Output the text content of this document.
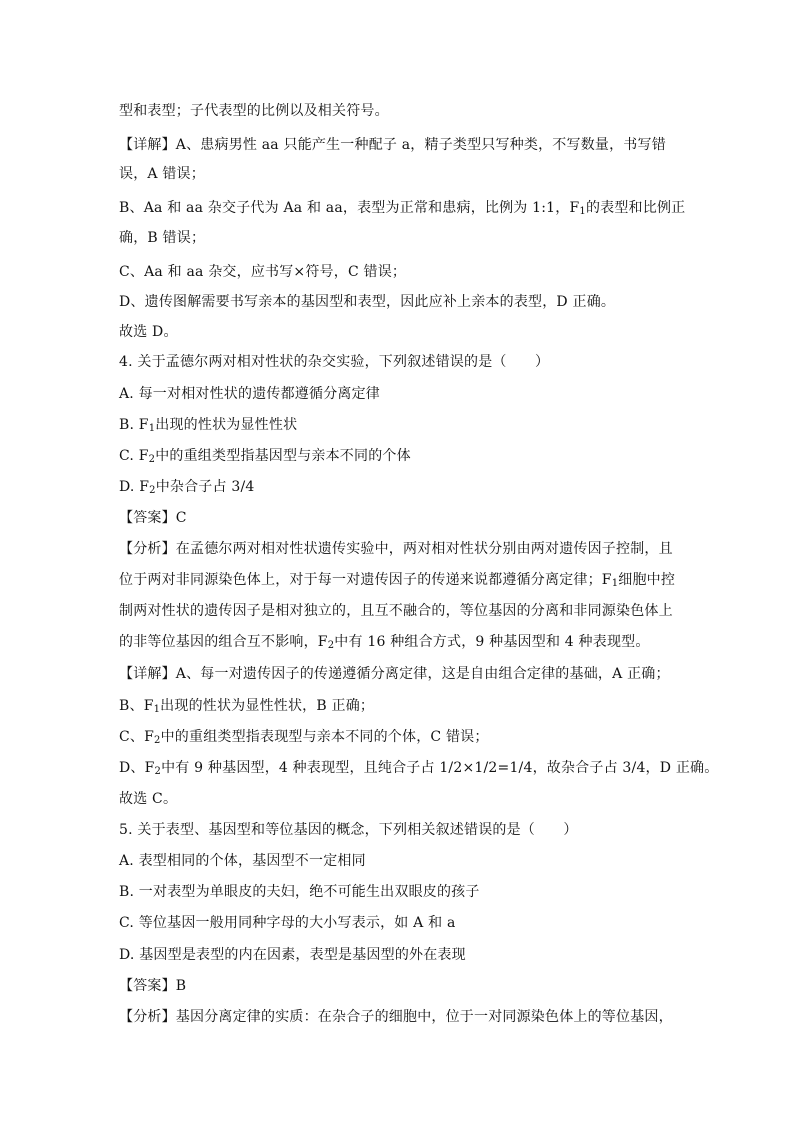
型和表型；子代表型的比例以及相关符号。
【详解】A、患病男性 aa 只能产生一种配子 a，精子类型只写种类，不写数量，书写错
误，A 错误；
B、Aa 和 aa 杂交子代为 Aa 和 aa，表型为正常和患病，比例为 1:1，$F_1$的表型和比例正
确，B 错误；
C、Aa 和 aa 杂交，应书写×符号，C 错误；
D、遗传图解需要书写亲本的基因型和表型，因此应补上亲本的表型，D 正确。
故选 D。
4. 关于孟德尔两对相对性状的杂交实验，下列叙述错误的是（　　）
A. 每一对相对性状的遗传都遵循分离定律
B. $F_1$出现的性状为显性性状
C. $F_2$中的重组类型指基因型与亲本不同的个体
D. $F_2$中杂合子占 3/4
【答案】C
【分析】在孟德尔两对相对性状遗传实验中，两对相对性状分别由两对遗传因子控制，且
位于两对非同源染色体上，对于每一对遗传因子的传递来说都遵循分离定律；$F_1$细胞中控
制两对性状的遗传因子是相对独立的，且互不融合的，等位基因的分离和非同源染色体上
的非等位基因的组合互不影响，$F_2$中有 16 种组合方式，9 种基因型和 4 种表现型。
【详解】A、每一对遗传因子的传递遵循分离定律，这是自由组合定律的基础，A 正确；
B、$F_1$出现的性状为显性性状，B 正确；
C、$F_2$中的重组类型指表现型与亲本不同的个体，C 错误；
D、$F_2$中有 9 种基因型，4 种表现型，且纯合子占 1/2×1/2=1/4，故杂合子占 3/4，D 正确。
故选 C。
5. 关于表型、基因型和等位基因的概念，下列相关叙述错误的是（　　）
A. 表型相同的个体，基因型不一定相同
B. 一对表型为单眼皮的夫妇，绝不可能生出双眼皮的孩子
C. 等位基因一般用同种字母的大小写表示，如 A 和 a
D. 基因型是表型的内在因素，表型是基因型的外在表现
【答案】B
【分析】基因分离定律的实质：在杂合子的细胞中，位于一对同源染色体上的等位基因，
